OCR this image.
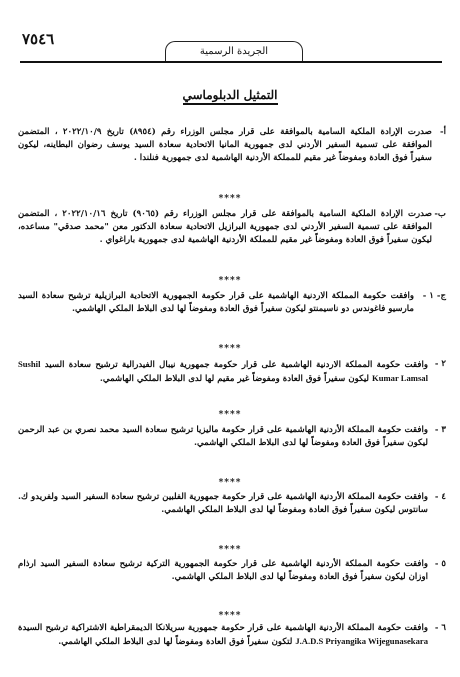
٧٥٤٦
الجريدة الرسمية
التمثيل الدبلوماسي
أ-
صدرت الإرادة الملكية السامية بالموافقة على قرار مجلس الوزراء رقم (٨٩٥٤) تاريخ ٢٠٢٢/١٠/٩ ، المتضمن الموافقة على تسمية السفير الأردني لدى جمهورية المانيا الاتحادية سعادة السيد يوسف رضوان البطاينه، ليكون سفيراً فوق العادة ومفوضاً غير مقيم للمملكة الأردنية الهاشمية لدى جمهورية فنلندا .
****
ب-
صدرت الإرادة الملكية السامية بالموافقة على قرار مجلس الوزراء رقم (٩٠٦٥) تاريخ ٢٠٢٢/١٠/١٦ ، المتضمن الموافقة على تسمية السفير الأردني لدى جمهورية البرازيل الاتحادية سعادة الدكتور معن "محمد صدقي" مساعده، ليكون سفيراً فوق العادة ومفوضاً غير مقيم للمملكة الأردنية الهاشمية لدى جمهورية باراغواي .
****
ج- ١ -
وافقت حكومة المملكة الاردنية الهاشمية على قرار حكومة الجمهورية الاتحادية البرازيلية ترشيح سعادة السيد مارسيو فاغوندس دو ناسيمنتو ليكون سفيراً فوق العادة ومفوضاً لها لدى البلاط الملكي الهاشمي.
****
٢ -
وافقت حكومة المملكة الاردنية الهاشمية على قرار حكومة جمهورية نيبال الفيدرالية ترشيح سعادة السيد Sushil Kumar Lamsal ليكون سفيراً فوق العادة ومفوضاً غير مقيم لها لدى البلاط الملكي الهاشمي.
****
٣ -
وافقت حكومة المملكة الأردنية الهاشمية على قرار حكومة ماليزيا ترشيح سعادة السيد محمد نصري بن عبد الرحمن ليكون سفيراً فوق العادة ومفوضاً لها لدى البلاط الملكي الهاشمي.
****
٤ -
وافقت حكومة المملكة الأردنية الهاشمية على قرار حكومة جمهورية الفلبين ترشيح سعادة السفير السيد ولفريدو ك. سانتوس ليكون سفيراً فوق العادة ومفوضاً لها لدى البلاط الملكي الهاشمي.
****
٥ -
وافقت حكومة المملكة الأردنية الهاشمية على قرار حكومة الجمهورية التركية ترشيح سعادة السفير السيد ارذام اوزان ليكون سفيراً فوق العادة ومفوضاً لها لدى البلاط الملكي الهاشمي.
****
٦ -
وافقت حكومة المملكة الأردنية الهاشمية على قرار حكومة جمهورية سريلانكا الديمقراطية الاشتراكية ترشيح السيدة J.A.D.S Priyangika Wijegunasekara لتكون سفيراً فوق العادة ومفوضاً لها لدى البلاط الملكي الهاشمي.
